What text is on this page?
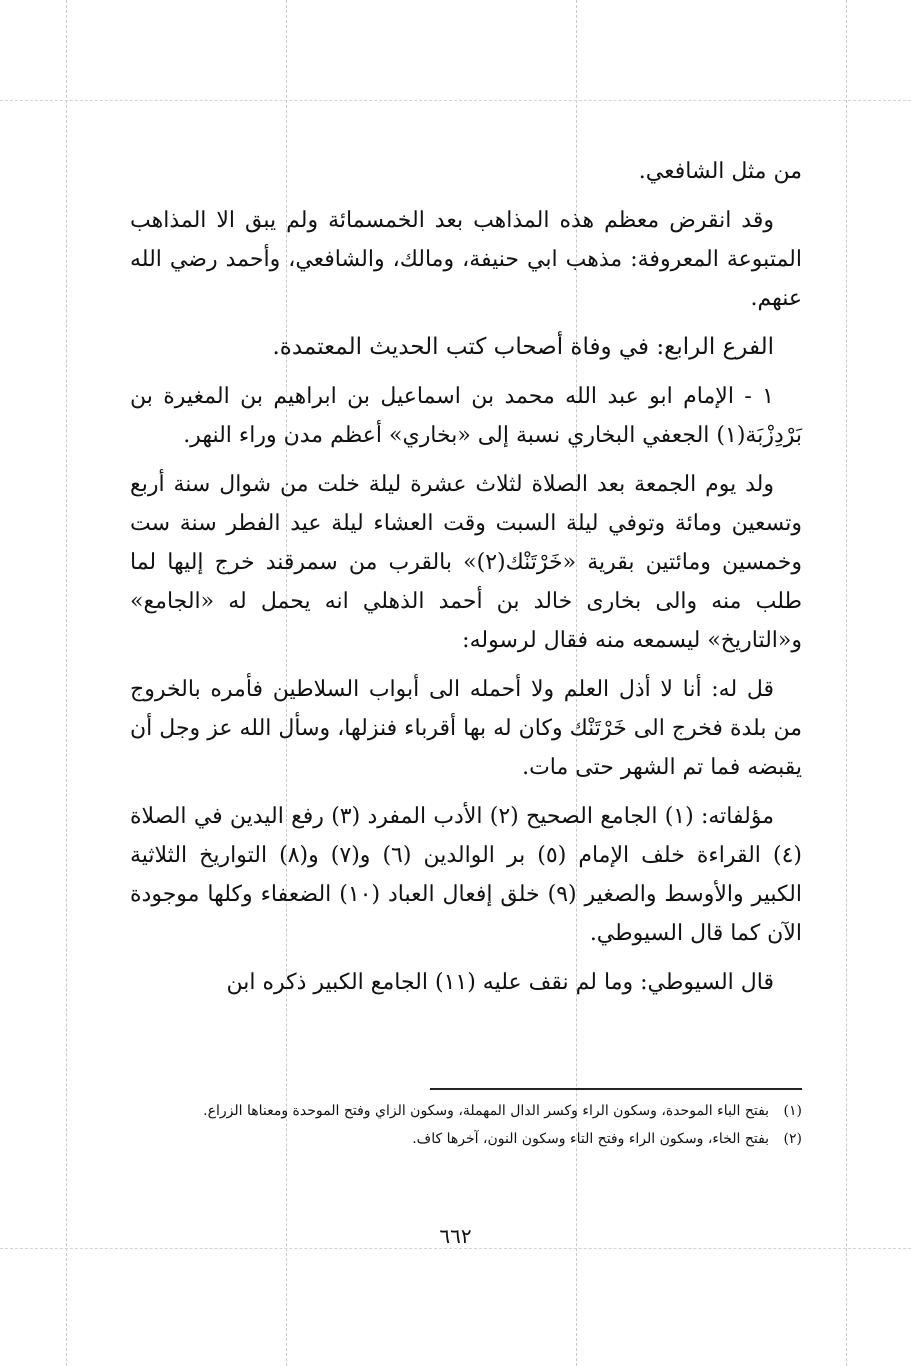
من مثل الشافعي.

وقد انقرض معظم هذه المذاهب بعد الخمسمائة ولم يبق الا المذاهب المتبوعة المعروفة: مذهب ابي حنيفة، ومالك، والشافعي، وأحمد رضي الله عنهم.

الفرع الرابع: في وفاة أصحاب كتب الحديث المعتمدة.

١ - الإمام ابو عبد الله محمد بن اسماعيل بن ابراهيم بن المغيرة بن بَرْدِزْبَة(١) الجعفي البخاري نسبة إلى «بخاري» أعظم مدن وراء النهر.

ولد يوم الجمعة بعد الصلاة لثلاث عشرة ليلة خلت من شوال سنة أربع وتسعين ومائة وتوفي ليلة السبت وقت العشاء ليلة عيد الفطر سنة ست وخمسين ومائتين بقرية «خَرْتَنْك(٢)» بالقرب من سمرقند خرج إليها لما طلب منه والى بخارى خالد بن أحمد الذهلي انه يحمل له «الجامع» و«التاريخ» ليسمعه منه فقال لرسوله:

قل له: أنا لا أذل العلم ولا أحمله الى أبواب السلاطين فأمره بالخروج من بلدة فخرج الى خَرْتَنْك وكان له بها أقرباء فنزلها، وسأل الله عز وجل أن يقبضه فما تم الشهر حتى مات.

مؤلفاته: (١) الجامع الصحيح (٢) الأدب المفرد (٣) رفع اليدين في الصلاة (٤) القراءة خلف الإمام (٥) بر الوالدين (٦) و(٧) و(٨) التواريخ الثلاثية الكبير والأوسط والصغير (٩) خلق إفعال العباد (١٠) الضعفاء وكلها موجودة الآن كما قال السيوطي.

قال السيوطي: وما لم نقف عليه (١١) الجامع الكبير ذكره ابن

(١) بفتح الباء الموحدة، وسكون الراء وكسر الدال المهملة، وسكون الزاي وفتح الموحدة ومعناها الزراع.

(٢) بفتح الخاء، وسكون الراء وفتح التاء وسكون النون، آخرها كاف.

٦٦٢
